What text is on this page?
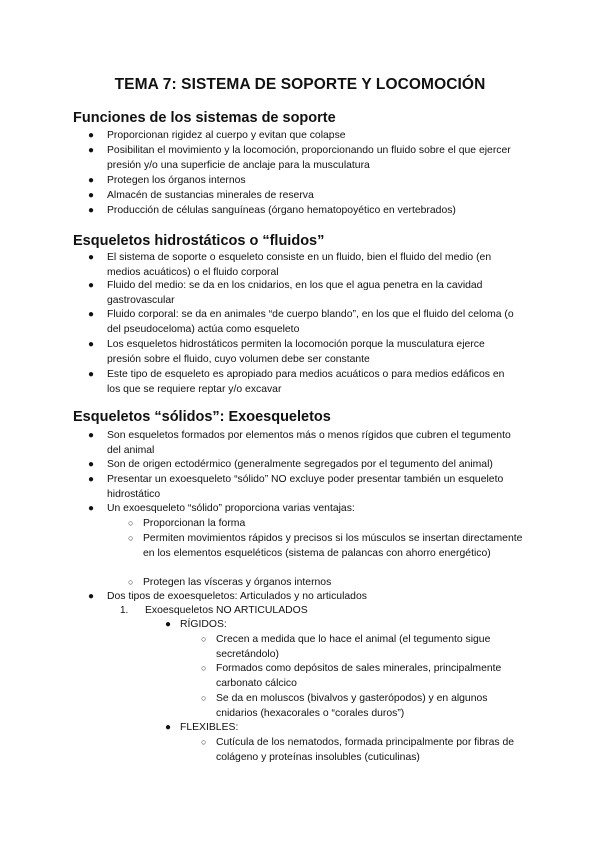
TEMA 7: SISTEMA DE SOPORTE Y LOCOMOCIÓN
Funciones de los sistemas de soporte
● Proporcionan rigidez al cuerpo y evitan que colapse
● Posibilitan el movimiento y la locomoción, proporcionando un fluido sobre el que ejercer presión y/o una superficie de anclaje para la musculatura
● Protegen los órganos internos
● Almacén de sustancias minerales de reserva
● Producción de células sanguíneas (órgano hematopoyético en vertebrados)
Esqueletos hidrostáticos o “fluidos”
● El sistema de soporte o esqueleto consiste en un fluido, bien el fluido del medio (en medios acuáticos) o el fluido corporal
● Fluido del medio: se da en los cnidarios, en los que el agua penetra en la cavidad gastrovascular
● Fluido corporal: se da en animales “de cuerpo blando”, en los que el fluido del celoma (o del pseudoceloma) actúa como esqueleto
● Los esqueletos hidrostáticos permiten la locomoción porque la musculatura ejerce presión sobre el fluido, cuyo volumen debe ser constante
● Este tipo de esqueleto es apropiado para medios acuáticos o para medios edáficos en los que se requiere reptar y/o excavar
Esqueletos “sólidos”: Exoesqueletos
● Son esqueletos formados por elementos más o menos rígidos que cubren el tegumento del animal
● Son de origen ectodérmico (generalmente segregados por el tegumento del animal)
● Presentar un exoesqueleto “sólido” NO excluye poder presentar también un esqueleto hidrostático
● Un exoesqueleto “sólido” proporciona varias ventajas:
○ Proporcionan la forma
○ Permiten movimientos rápidos y precisos si los músculos se insertan directamente en los elementos esqueléticos (sistema de palancas con ahorro energético)
○ Protegen las vísceras y órganos internos
● Dos tipos de exoesqueletos: Articulados y no articulados
1. Exoesqueletos NO ARTICULADOS
● RÍGIDOS:
○ Crecen a medida que lo hace el animal (el tegumento sigue secretándolo)
○ Formados como depósitos de sales minerales, principalmente carbonato cálcico
○ Se da en moluscos (bivalvos y gasterópodos) y en algunos cnidarios (hexacorales o “corales duros”)
● FLEXIBLES:
○ Cutícula de los nematodos, formada principalmente por fibras de colágeno y proteínas insolubles (cuticulinas)
